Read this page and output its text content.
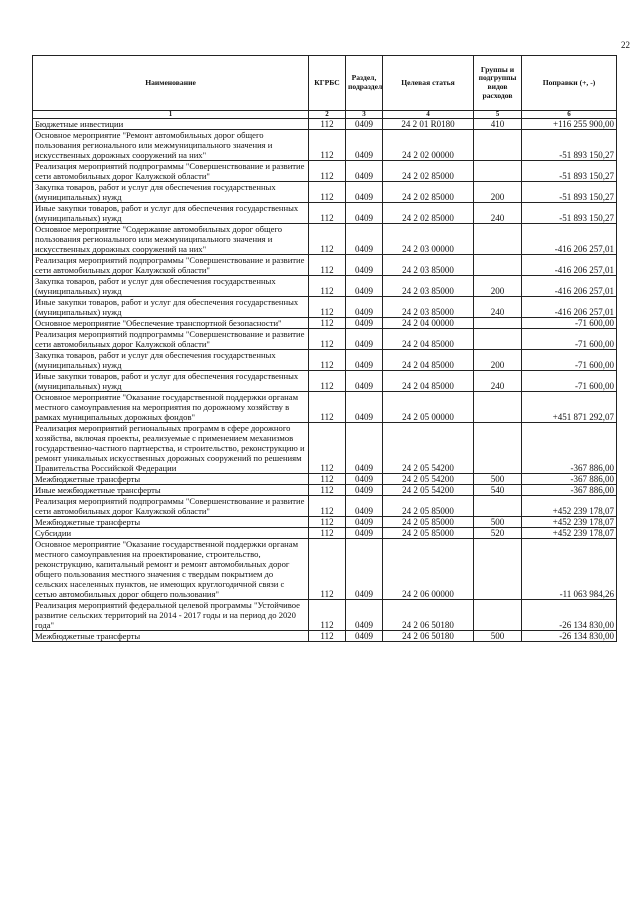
22
Наименование	КГРБС	Раздел, подраздел	Целевая статья	Группы и подгруппы видов расходов	Поправки (+, -)
1	2	3	4	5	6
Бюджетные инвестиции	112	0409	24 2 01 R0180	410	+116 255 900,00
Основное мероприятие "Ремонт автомобильных дорог общего пользования регионального или межмуниципального значения и искусственных дорожных сооружений на них"	112	0409	24 2 02 00000		-51 893 150,27
Реализация мероприятий подпрограммы "Совершенствование и развитие сети автомобильных дорог Калужской области"	112	0409	24 2 02 85000		-51 893 150,27
Закупка товаров, работ и услуг для обеспечения государственных (муниципальных) нужд	112	0409	24 2 02 85000	200	-51 893 150,27
Иные закупки товаров, работ и услуг для обеспечения государственных (муниципальных) нужд	112	0409	24 2 02 85000	240	-51 893 150,27
Основное мероприятие "Содержание автомобильных дорог общего пользования регионального или межмуниципального значения и искусственных дорожных сооружений на них"	112	0409	24 2 03 00000		-416 206 257,01
Реализация мероприятий подпрограммы "Совершенствование и развитие сети автомобильных дорог Калужской области"	112	0409	24 2 03 85000		-416 206 257,01
Закупка товаров, работ и услуг для обеспечения государственных (муниципальных) нужд	112	0409	24 2 03 85000	200	-416 206 257,01
Иные закупки товаров, работ и услуг для обеспечения государственных (муниципальных) нужд	112	0409	24 2 03 85000	240	-416 206 257,01
Основное мероприятие "Обеспечение транспортной безопасности"	112	0409	24 2 04 00000		-71 600,00
Реализация мероприятий подпрограммы "Совершенствование и развитие сети автомобильных дорог Калужской области"	112	0409	24 2 04 85000		-71 600,00
Закупка товаров, работ и услуг для обеспечения государственных (муниципальных) нужд	112	0409	24 2 04 85000	200	-71 600,00
Иные закупки товаров, работ и услуг для обеспечения государственных (муниципальных) нужд	112	0409	24 2 04 85000	240	-71 600,00
Основное мероприятие "Оказание государственной поддержки органам местного самоуправления на мероприятия по дорожному хозяйству в рамках муниципальных дорожных фондов"	112	0409	24 2 05 00000		+451 871 292,07
Реализация мероприятий региональных программ в сфере дорожного хозяйства, включая проекты, реализуемые с применением механизмов государственно-частного партнерства, и строительство, реконструкцию и ремонт уникальных искусственных дорожных сооружений по решениям Правительства Российской Федерации	112	0409	24 2 05 54200		-367 886,00
Межбюджетные трансферты	112	0409	24 2 05 54200	500	-367 886,00
Иные межбюджетные трансферты	112	0409	24 2 05 54200	540	-367 886,00
Реализация мероприятий подпрограммы "Совершенствование и развитие сети автомобильных дорог Калужской области"	112	0409	24 2 05 85000		+452 239 178,07
Межбюджетные трансферты	112	0409	24 2 05 85000	500	+452 239 178,07
Субсидии	112	0409	24 2 05 85000	520	+452 239 178,07
Основное мероприятие "Оказание государственной поддержки органам местного самоуправления на проектирование, строительство, реконструкцию, капитальный ремонт и ремонт автомобильных дорог общего пользования местного значения с твердым покрытием до сельских населенных пунктов, не имеющих круглогодичной связи с сетью автомобильных дорог общего пользования"	112	0409	24 2 06 00000		-11 063 984,26
Реализация мероприятий федеральной целевой программы "Устойчивое развитие сельских территорий на 2014 - 2017 годы и на период до 2020 года"	112	0409	24 2 06 50180		-26 134 830,00
Межбюджетные трансферты	112	0409	24 2 06 50180	500	-26 134 830,00
